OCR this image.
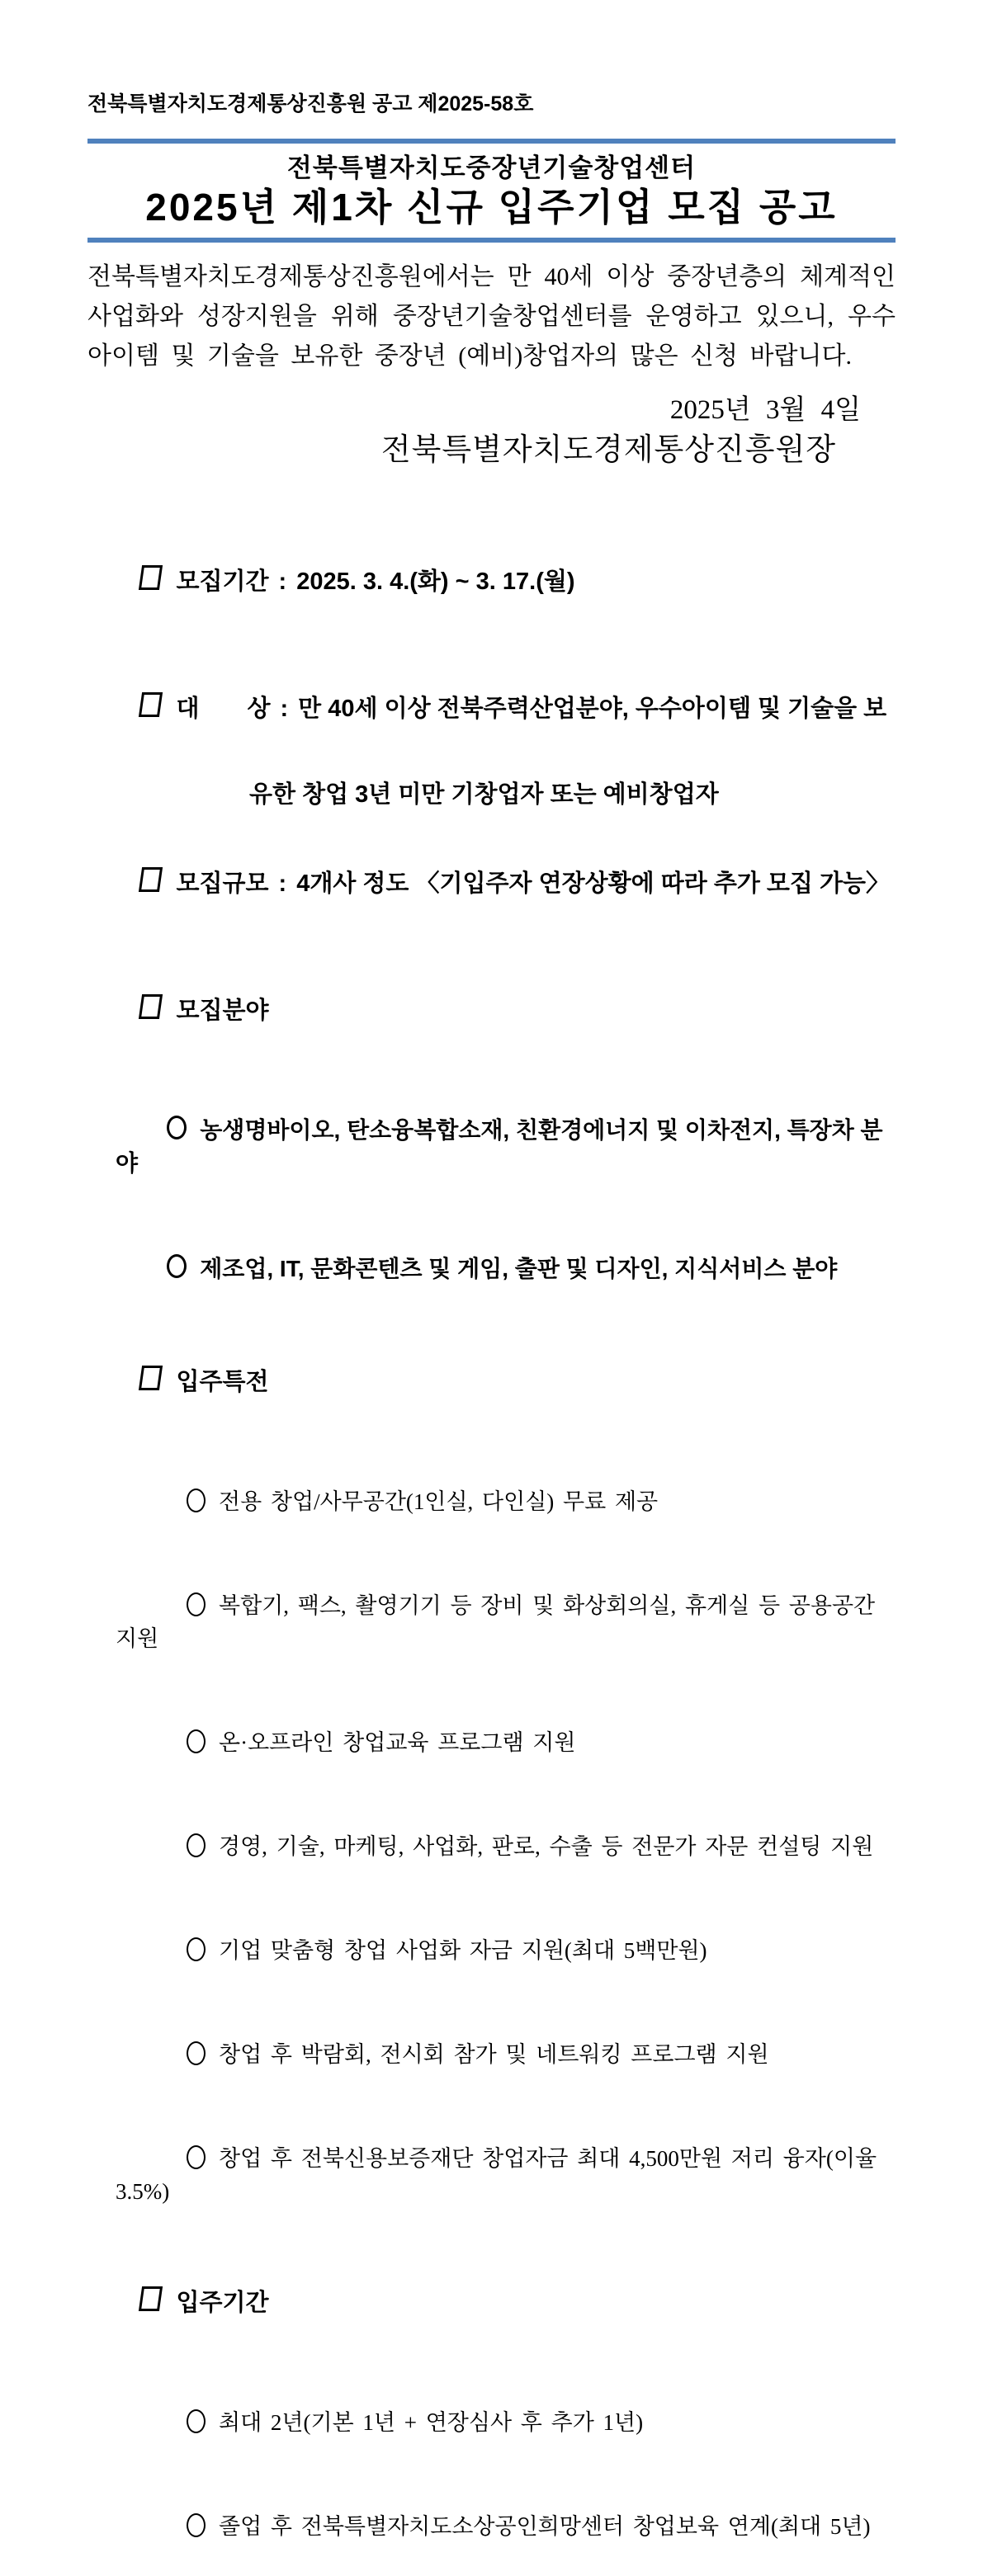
전북특별자치도경제통상진흥원 공고 제2025-58호
전북특별자치도중장년기술창업센터
2025년 제1차 신규 입주기업 모집 공고
전북특별자치도경제통상진흥원에서는 만 40세 이상 중장년층의 체계적인
사업화와 성장지원을 위해 중장년기술창업센터를 운영하고 있으니, 우수
아이템 및 기술을 보유한 중장년 (예비)창업자의 많은 신청 바랍니다.
2025년 3월 4일
전북특별자치도경제통상진흥원장

모집기간 : 2025. 3. 4.(화) ~ 3. 17.(월)

대　　상 : 만 40세 이상 전북주력산업분야, 우수아이템 및 기술을 보

유한 창업 3년 미만 기창업자 또는 예비창업자

모집규모 : 4개사 정도 〈기입주자 연장상황에 따라 추가 모집 가능〉

모집분야

농생명바이오, 탄소융복합소재, 친환경에너지 및 이차전지, 특장차 분야

제조업, IT, 문화콘텐츠 및 게임, 출판 및 디자인, 지식서비스 분야

입주특전

전용 창업/사무공간(1인실, 다인실) 무료 제공

복합기, 팩스, 촬영기기 등 장비 및 화상회의실, 휴게실 등 공용공간 지원

온·오프라인 창업교육 프로그램 지원

경영, 기술, 마케팅, 사업화, 판로, 수출 등 전문가 자문 컨설팅 지원

기업 맞춤형 창업 사업화 자금 지원(최대 5백만원)

창업 후 박람회, 전시회 참가 및 네트워킹 프로그램 지원

창업 후 전북신용보증재단 창업자금 최대 4,500만원 저리 융자(이율 3.5%)

입주기간

최대 2년(기본 1년 + 연장심사 후 추가 1년)

졸업 후 전북특별자치도소상공인희망센터 창업보육 연계(최대 5년)
